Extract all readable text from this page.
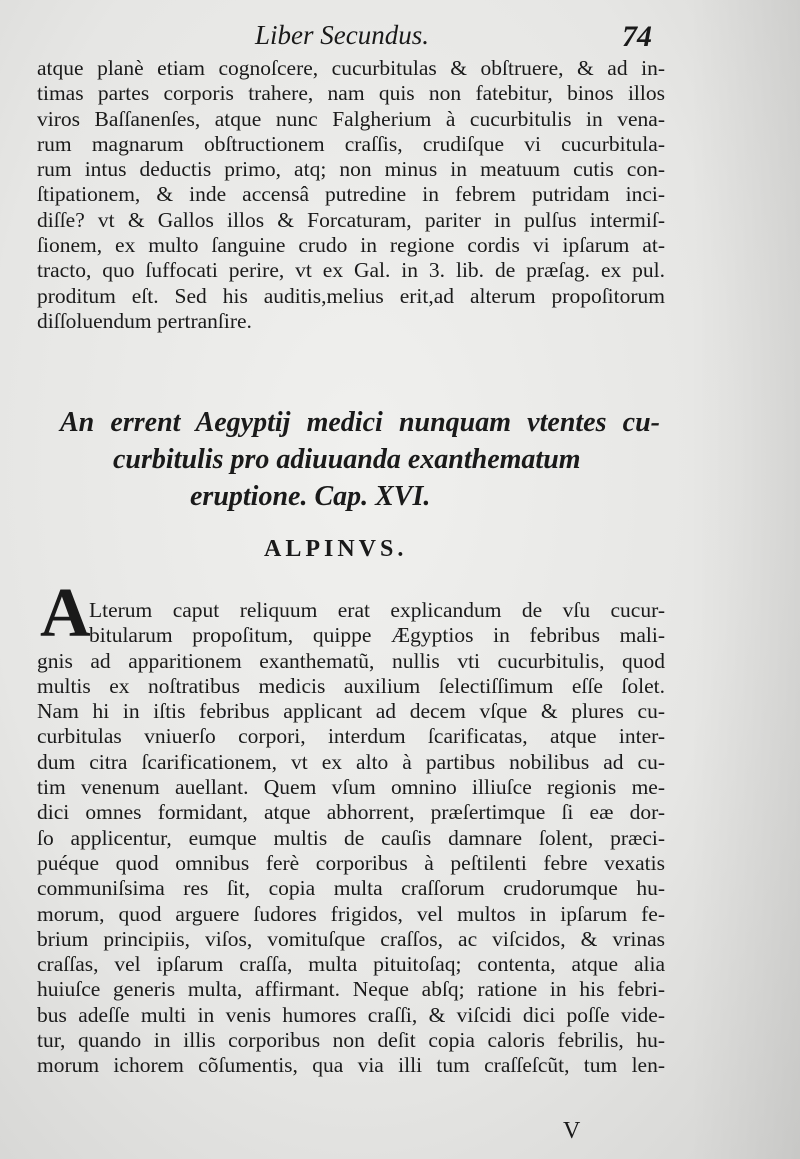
Liber Secundus.	74

atque planè etiam cognoſcere, cucurbitulas & obſtruere, & ad in-
timas partes corporis trahere, nam quis non fatebitur, binos illos
viros Baſſanenſes, atque nunc Falgherium à cucurbitulis in vena-
rum magnarum obſtructionem craſſis, crudiſque vi cucurbitula-
rum intus deductis primo, atq; non minus in meatuum cutis con-
ſtipationem, & inde accensâ putredine in febrem putridam inci-
diſſe? vt & Gallos illos & Forcaturam, pariter in pulſus intermiſ-
ſionem, ex multo ſanguine crudo in regione cordis vi ipſarum at-
tracto, quo ſuffocati perire, vt ex Gal. in 3. lib. de præſag. ex pul.
proditum eſt. Sed his auditis,melius erit,ad alterum propoſitorum
diſſoluendum pertranſire.

An errent Aegyptij medici nunquam vtentes cu-
curbitulis pro adiuuanda exanthematum
eruptione. Cap. XVI.
ALPINVS.
A

Lterum caput reliquum erat explicandum de vſu cucur-
bitularum propoſitum, quippe Ægyptios in febribus mali-
gnis ad apparitionem exanthematũ, nullis vti cucurbitulis, quod
multis ex noſtratibus medicis auxilium ſelectiſſimum eſſe ſolet.
Nam hi in iſtis febribus applicant ad decem vſque & plures cu-
curbitulas vniuerſo corpori, interdum ſcarificatas, atque inter-
dum citra ſcarificationem, vt ex alto à partibus nobilibus ad cu-
tim venenum auellant. Quem vſum omnino illiuſce regionis me-
dici omnes formidant, atque abhorrent, præſertimque ſi eæ dor-
ſo applicentur, eumque multis de cauſis damnare ſolent, præci-
puéque quod omnibus ferè corporibus à peſtilenti febre vexatis
communiſsima res ſit, copia multa craſſorum crudorumque hu-
morum, quod arguere ſudores frigidos, vel multos in ipſarum fe-
brium principiis, viſos, vomituſque craſſos, ac viſcidos, & vrinas
craſſas, vel ipſarum craſſa, multa pituitoſaq; contenta, atque alia
huiuſce generis multa, affirmant. Neque abſq; ratione in his febri-
bus adeſſe multi in venis humores craſſi, & viſcidi dici poſſe vide-
tur, quando in illis corporibus non deſit copia caloris febrilis, hu-
morum ichorem cõſumentis, qua via illi tum craſſeſcũt, tum len-

V
